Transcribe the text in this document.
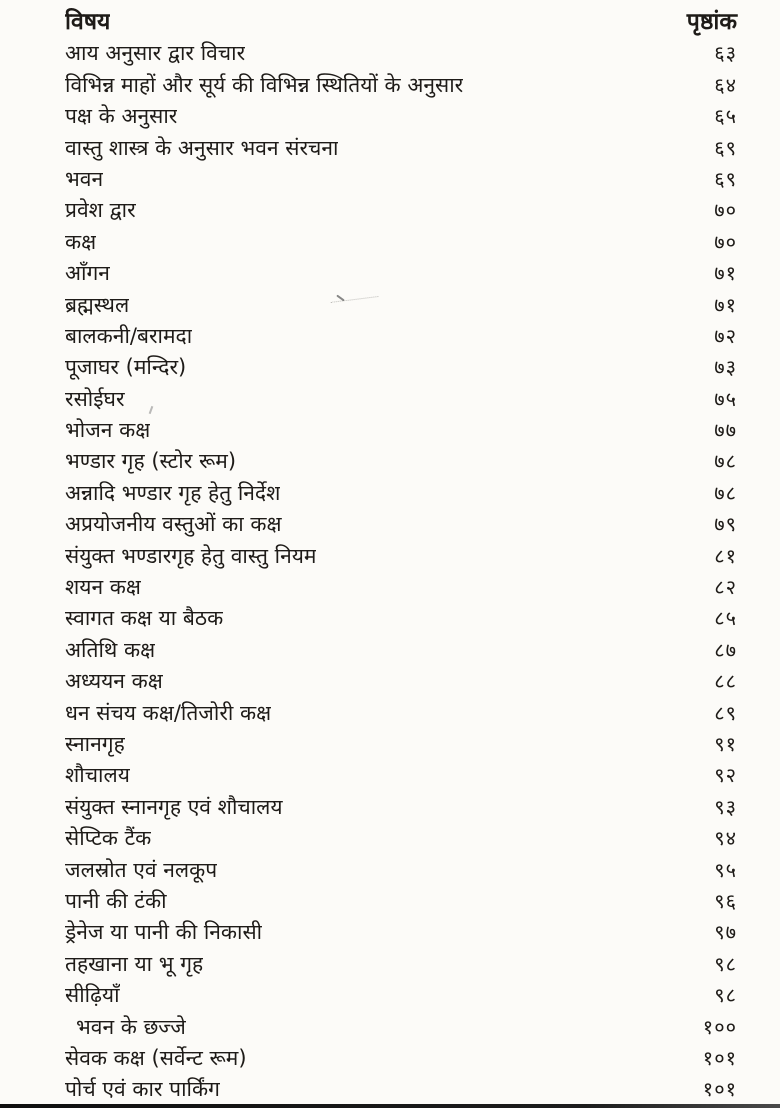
विषय	पृष्ठांक
आय अनुसार द्वार विचार	६३
विभिन्न माहों और सूर्य की विभिन्न स्थितियों के अनुसार	६४
पक्ष के अनुसार	६५
वास्तु शास्त्र के अनुसार भवन संरचना	६९
भवन	६९
प्रवेश द्वार	७०
कक्ष	७०
आँगन	७१
ब्रह्मस्थल	७१
बालकनी/बरामदा	७२
पूजाघर (मन्दिर)	७३
रसोईघर	७५
भोजन कक्ष	७७
भण्डार गृह (स्टोर रूम)	७८
अन्नादि भण्डार गृह हेतु निर्देश	७८
अप्रयोजनीय वस्तुओं का कक्ष	७९
संयुक्त भण्डारगृह हेतु वास्तु नियम	८१
शयन कक्ष	८२
स्वागत कक्ष या बैठक	८५
अतिथि कक्ष	८७
अध्ययन कक्ष	८८
धन संचय कक्ष/तिजोरी कक्ष	८९
स्नानगृह	९१
शौचालय	९२
संयुक्त स्नानगृह एवं शौचालय	९३
सेप्टिक टैंक	९४
जलस्रोत एवं नलकूप	९५
पानी की टंकी	९६
ड्रेनेज या पानी की निकासी	९७
तहखाना या भू गृह	९८
सीढ़ियाँ	९८
भवन के छज्जे	१००
सेवक कक्ष (सर्वेन्ट रूम)	१०१
पोर्च एवं कार पार्किंग	१०१
